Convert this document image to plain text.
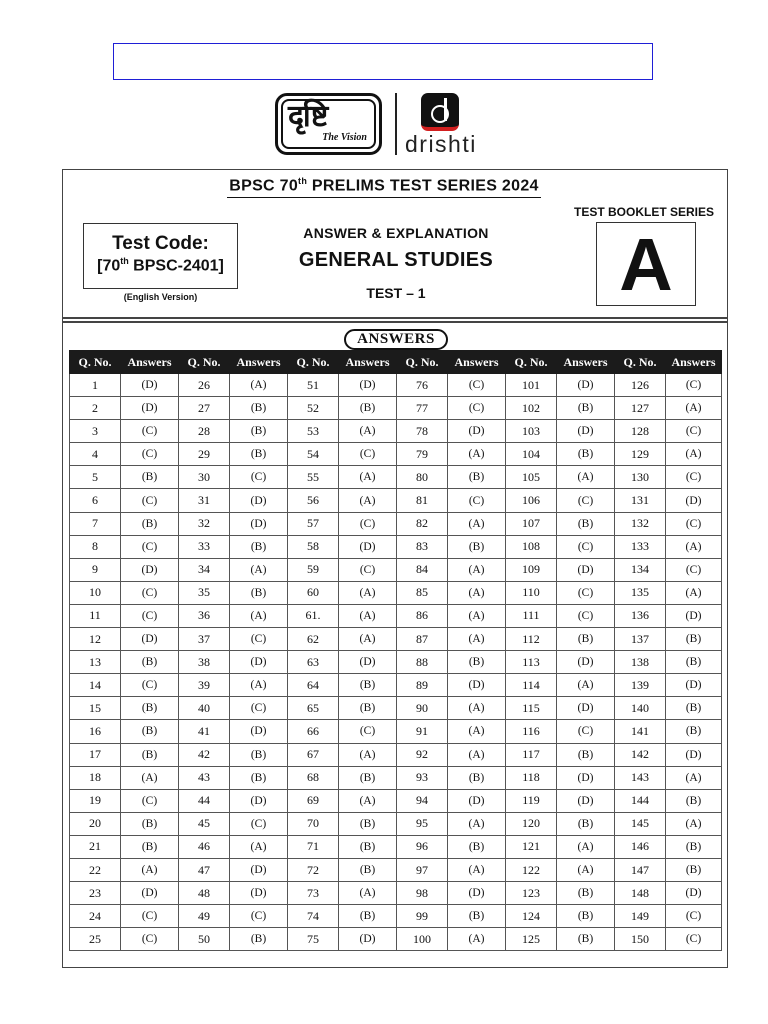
दृष्टि
The Vision drishti
BPSC 70th PRELIMS TEST SERIES 2024
TEST BOOKLET SERIES
A
Test Code:
[70th BPSC-2401]
(English Version)
ANSWER & EXPLANATION
GENERAL STUDIES
TEST – 1
ANSWERS
Q. No.	Answers	Q. No.	Answers	Q. No.	Answers	Q. No.	Answers	Q. No.	Answers	Q. No.	Answers
1	(D)	26	(A)	51	(D)	76	(C)	101	(D)	126	(C)
2	(D)	27	(B)	52	(B)	77	(C)	102	(B)	127	(A)
3	(C)	28	(B)	53	(A)	78	(D)	103	(D)	128	(C)
4	(C)	29	(B)	54	(C)	79	(A)	104	(B)	129	(A)
5	(B)	30	(C)	55	(A)	80	(B)	105	(A)	130	(C)
6	(C)	31	(D)	56	(A)	81	(C)	106	(C)	131	(D)
7	(B)	32	(D)	57	(C)	82	(A)	107	(B)	132	(C)
8	(C)	33	(B)	58	(D)	83	(B)	108	(C)	133	(A)
9	(D)	34	(A)	59	(C)	84	(A)	109	(D)	134	(C)
10	(C)	35	(B)	60	(A)	85	(A)	110	(C)	135	(A)
11	(C)	36	(A)	61.	(A)	86	(A)	111	(C)	136	(D)
12	(D)	37	(C)	62	(A)	87	(A)	112	(B)	137	(B)
13	(B)	38	(D)	63	(D)	88	(B)	113	(D)	138	(B)
14	(C)	39	(A)	64	(B)	89	(D)	114	(A)	139	(D)
15	(B)	40	(C)	65	(B)	90	(A)	115	(D)	140	(B)
16	(B)	41	(D)	66	(C)	91	(A)	116	(C)	141	(B)
17	(B)	42	(B)	67	(A)	92	(A)	117	(B)	142	(D)
18	(A)	43	(B)	68	(B)	93	(B)	118	(D)	143	(A)
19	(C)	44	(D)	69	(A)	94	(D)	119	(D)	144	(B)
20	(B)	45	(C)	70	(B)	95	(A)	120	(B)	145	(A)
21	(B)	46	(A)	71	(B)	96	(B)	121	(A)	146	(B)
22	(A)	47	(D)	72	(B)	97	(A)	122	(A)	147	(B)
23	(D)	48	(D)	73	(A)	98	(D)	123	(B)	148	(D)
24	(C)	49	(C)	74	(B)	99	(B)	124	(B)	149	(C)
25	(C)	50	(B)	75	(D)	100	(A)	125	(B)	150	(C)
